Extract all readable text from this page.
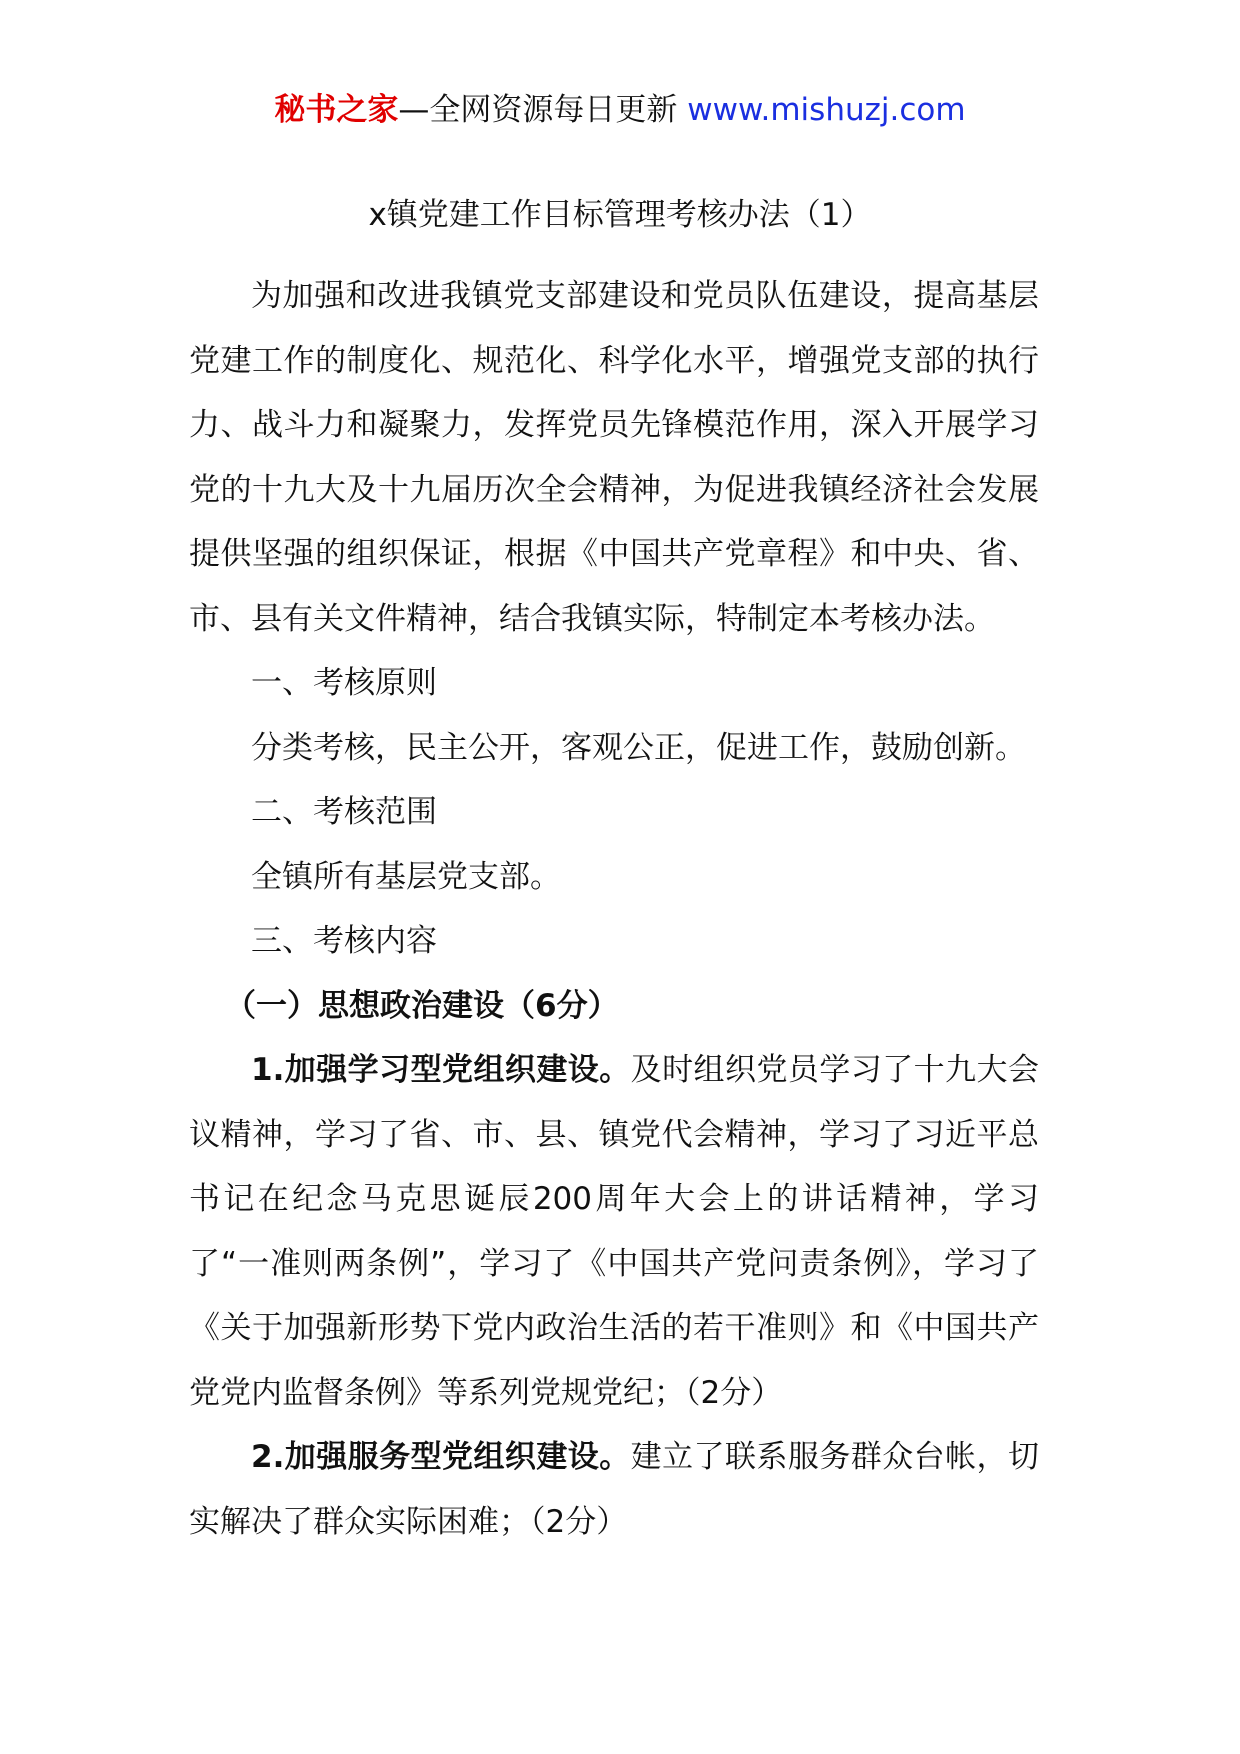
秘书之家—全网资源每日更新 www.mishuzj.com
x镇党建工作目标管理考核办法（1）

为加强和改进我镇党支部建设和党员队伍建设，提高基层党建工作的制度化、规范化、科学化水平，增强党支部的执行力、战斗力和凝聚力，发挥党员先锋模范作用，深入开展学习党的十九大及十九届历次全会精神，为促进我镇经济社会发展提供坚强的组织保证，根据《中国共产党章程》和中央、省、市、县有关文件精神，结合我镇实际，特制定本考核办法。

一、考核原则

分类考核，民主公开，客观公正，促进工作，鼓励创新。

二、考核范围

全镇所有基层党支部。

三、考核内容

（一）思想政治建设（6分）

1.加强学习型党组织建设。及时组织党员学习了十九大会议精神，学习了省、市、县、镇党代会精神，学习了习近平总书记在纪念马克思诞辰200周年大会上的讲话精神，学习了“一准则两条例”，学习了《中国共产党问责条例》，学习了《关于加强新形势下党内政治生活的若干准则》和《中国共产党党内监督条例》等系列党规党纪；（2分）

2.加强服务型党组织建设。建立了联系服务群众台帐，切实解决了群众实际困难；（2分）
